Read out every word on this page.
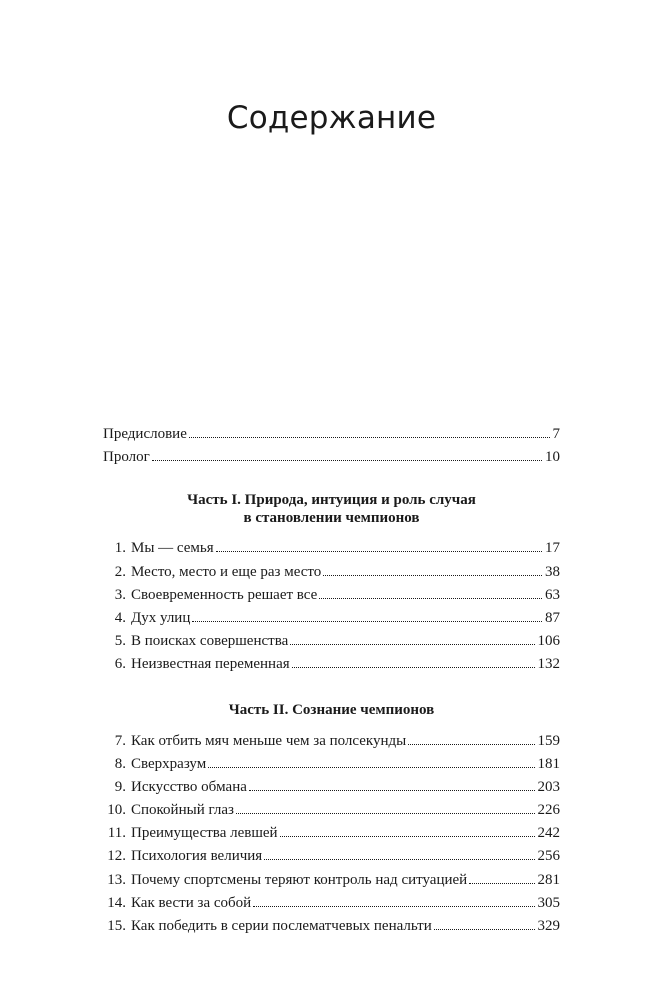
Содержание
Предисловие	7
Пролог	10
Часть I. Природа, интуиция и роль случая
в становлении чемпионов
1. Мы — семья	17
2. Место, место и еще раз место	38
3. Своевременность решает все	63
4. Дух улиц	87
5. В поисках совершенства	106
6. Неизвестная переменная	132
Часть II. Сознание чемпионов
7. Как отбить мяч меньше чем за полсекунды	159
8. Сверхразум	181
9. Искусство обмана	203
10. Спокойный глаз	226
11. Преимущества левшей	242
12. Психология величия	256
13. Почему спортсмены теряют контроль над ситуацией	281
14. Как вести за собой	305
15. Как победить в серии послематчевых пенальти	329
